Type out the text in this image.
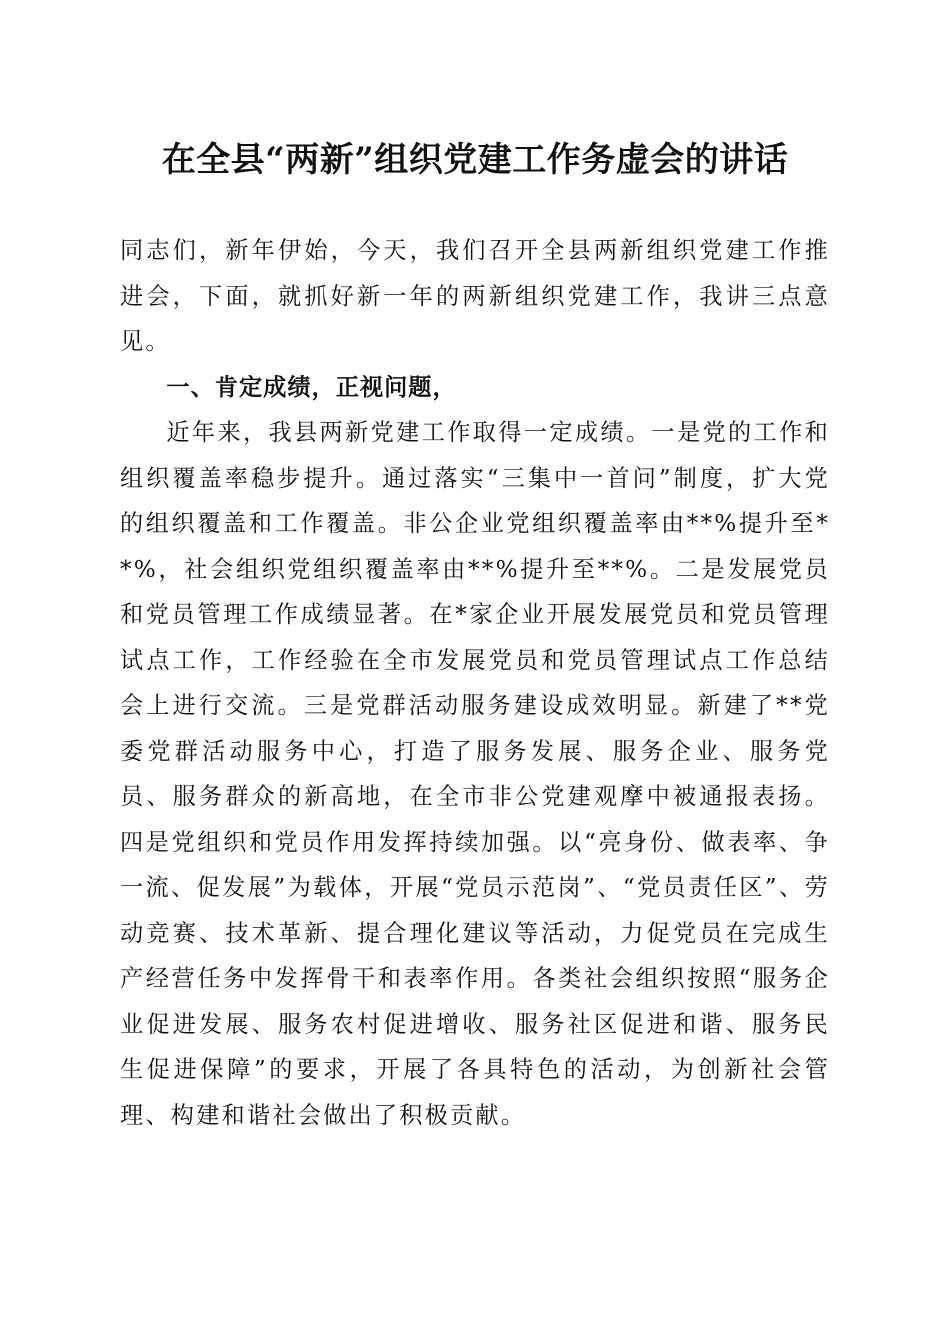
在全县“两新”组织党建工作务虚会的讲话

同志们，新年伊始，今天，我们召开全县两新组织党建工作推进会，下面，就抓好新一年的两新组织党建工作，我讲三点意见。

一、肯定成绩，正视问题，

近年来，我县两新党建工作取得一定成绩。一是党的工作和组织覆盖率稳步提升。通过落实“三集中一首问”制度，扩大党的组织覆盖和工作覆盖。非公企业党组织覆盖率由**%提升至**%，社会组织党组织覆盖率由**%提升至**%。二是发展党员和党员管理工作成绩显著。在*家企业开展发展党员和党员管理试点工作，工作经验在全市发展党员和党员管理试点工作总结会上进行交流。三是党群活动服务建设成效明显。新建了**党委党群活动服务中心，打造了服务发展、服务企业、服务党员、服务群众的新高地，在全市非公党建观摩中被通报表扬。四是党组织和党员作用发挥持续加强。以“亮身份、做表率、争一流、促发展”为载体，开展“党员示范岗”、“党员责任区”、劳动竞赛、技术革新、提合理化建议等活动，力促党员在完成生产经营任务中发挥骨干和表率作用。各类社会组织按照“服务企业促进发展、服务农村促进增收、服务社区促进和谐、服务民生促进保障”的要求，开展了各具特色的活动，为创新社会管理、构建和谐社会做出了积极贡献。
